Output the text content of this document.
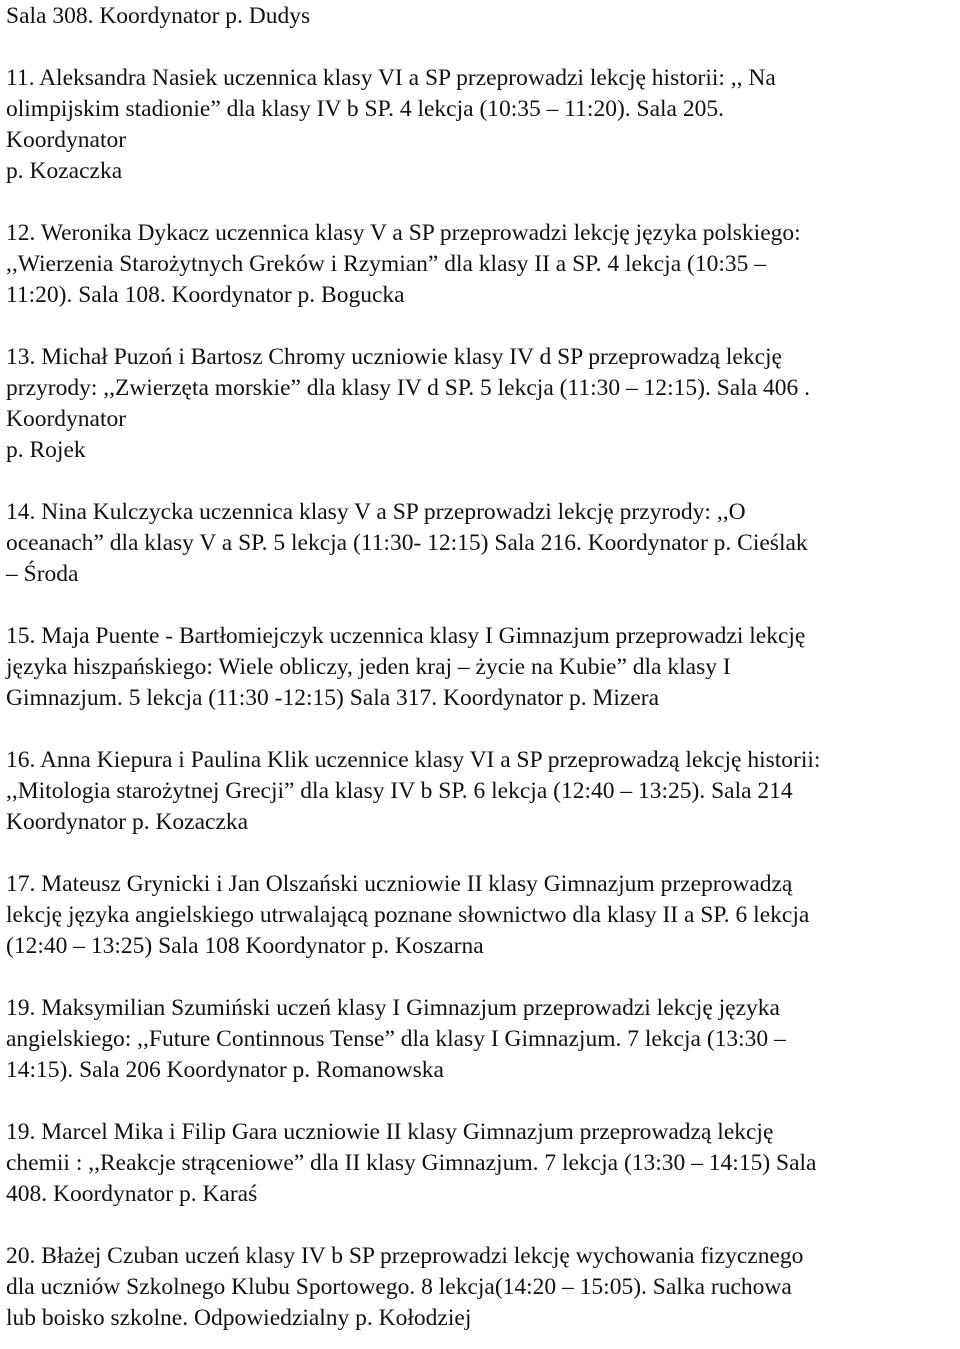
Sala 308. Koordynator p. Dudys
11. Aleksandra Nasiek uczennica klasy VI a SP przeprowadzi lekcję historii: ,, Na
olimpijskim stadionie” dla klasy IV b SP. 4 lekcja (10:35 – 11:20). Sala 205.
Koordynator
p. Kozaczka
12. Weronika Dykacz uczennica klasy V a SP przeprowadzi lekcję języka polskiego:
,,Wierzenia Starożytnych Greków i Rzymian” dla klasy II a SP. 4 lekcja (10:35 –
11:20). Sala 108. Koordynator p. Bogucka
13. Michał Puzoń i Bartosz Chromy uczniowie klasy IV d SP przeprowadzą lekcję
przyrody: ,,Zwierzęta morskie” dla klasy IV d SP. 5 lekcja (11:30 – 12:15). Sala 406 .
Koordynator
p. Rojek
14. Nina Kulczycka uczennica klasy V a SP przeprowadzi lekcję przyrody: ,,O
oceanach” dla klasy V a SP. 5 lekcja (11:30- 12:15) Sala 216. Koordynator p. Cieślak
– Środa
15. Maja Puente - Bartłomiejczyk uczennica klasy I Gimnazjum przeprowadzi lekcję
języka hiszpańskiego: Wiele obliczy, jeden kraj – życie na Kubie” dla klasy I
Gimnazjum. 5 lekcja (11:30 -12:15) Sala 317. Koordynator p. Mizera
16. Anna Kiepura i Paulina Klik uczennice klasy VI a SP przeprowadzą lekcję historii:
,,Mitologia starożytnej Grecji” dla klasy IV b SP. 6 lekcja (12:40 – 13:25). Sala 214
Koordynator p. Kozaczka
17. Mateusz Grynicki i Jan Olszański uczniowie II klasy Gimnazjum przeprowadzą
lekcję języka angielskiego utrwalającą poznane słownictwo dla klasy II a SP. 6 lekcja
(12:40 – 13:25) Sala 108 Koordynator p. Koszarna
19. Maksymilian Szumiński uczeń klasy I Gimnazjum przeprowadzi lekcję języka
angielskiego: ,,Future Continnous Tense” dla klasy I Gimnazjum. 7 lekcja (13:30 –
14:15). Sala 206 Koordynator p. Romanowska
19. Marcel Mika i Filip Gara uczniowie II klasy Gimnazjum przeprowadzą lekcję
chemii : ,,Reakcje strąceniowe” dla II klasy Gimnazjum. 7 lekcja (13:30 – 14:15) Sala
408. Koordynator p. Karaś
20. Błażej Czuban uczeń klasy IV b SP przeprowadzi lekcję wychowania fizycznego
dla uczniów Szkolnego Klubu Sportowego. 8 lekcja(14:20 – 15:05). Salka ruchowa
lub boisko szkolne. Odpowiedzialny p. Kołodziej
